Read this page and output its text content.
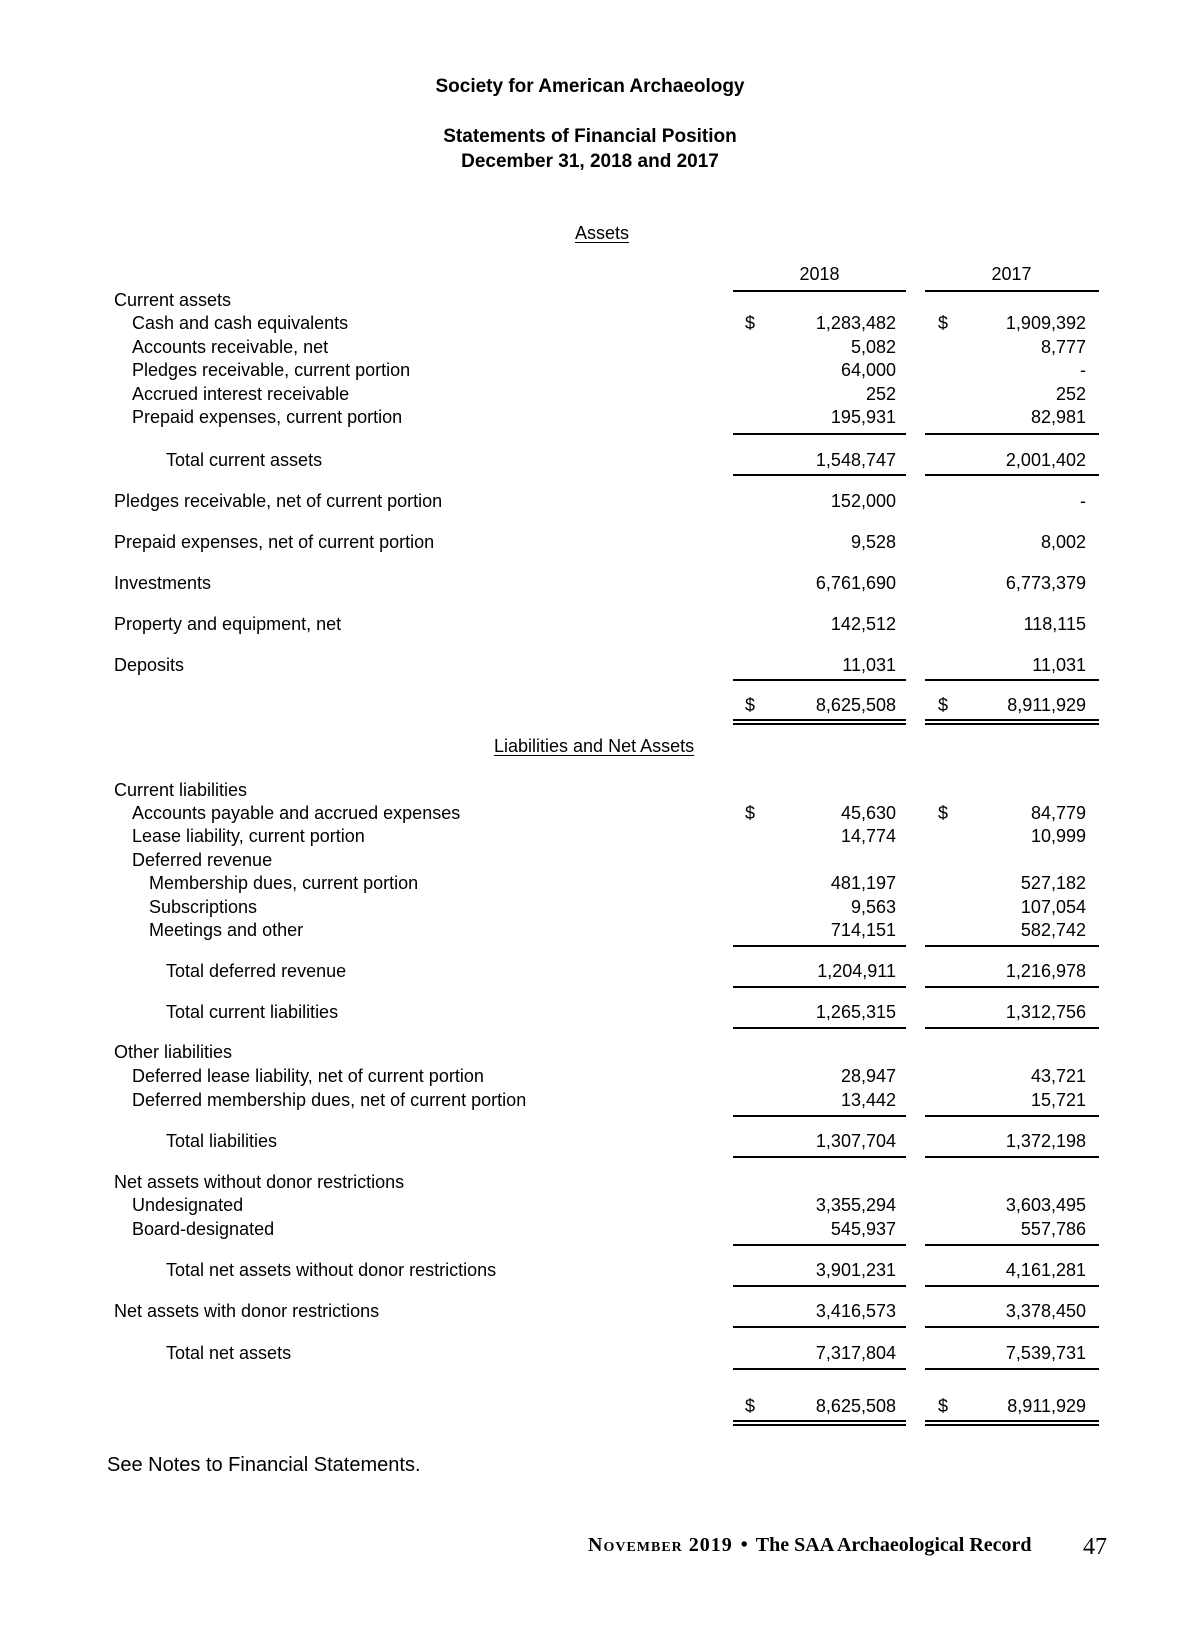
Society for American Archaeology
Statements of Financial Position
December 31, 2018 and 2017
Assets
2018	2017
Current assets
Cash and cash equivalents	$	1,283,482 $	1,909,392
Accounts receivable, net	5,082	8,777
Pledges receivable, current portion	64,000	-
Accrued interest receivable	252	252
Prepaid expenses, current portion	195,931	82,981
Total current assets	1,548,747	2,001,402
Pledges receivable, net of current portion	152,000	-
Prepaid expenses, net of current portion	9,528	8,002
Investments	6,761,690	6,773,379
Property and equipment, net	142,512	118,115
Deposits	11,031	11,031
$	8,625,508 $	8,911,929
Liabilities and Net Assets
Current liabilities
Accounts payable and accrued expenses	$	45,630 $	84,779
Lease liability, current portion	14,774	10,999
Deferred revenue
Membership dues, current portion	481,197	527,182
Subscriptions	9,563	107,054
Meetings and other	714,151	582,742
Total deferred revenue	1,204,911	1,216,978
Total current liabilities	1,265,315	1,312,756
Other liabilities
Deferred lease liability, net of current portion	28,947	43,721
Deferred membership dues, net of current portion	13,442	15,721
Total liabilities	1,307,704	1,372,198
Net assets without donor restrictions
Undesignated	3,355,294	3,603,495
Board-designated	545,937	557,786
Total net assets without donor restrictions	3,901,231	4,161,281
Net assets with donor restrictions	3,416,573	3,378,450
Total net assets	7,317,804	7,539,731
$	8,625,508 $	8,911,929
See Notes to Financial Statements.
November 2019 • The SAA Archaeological Record 47
